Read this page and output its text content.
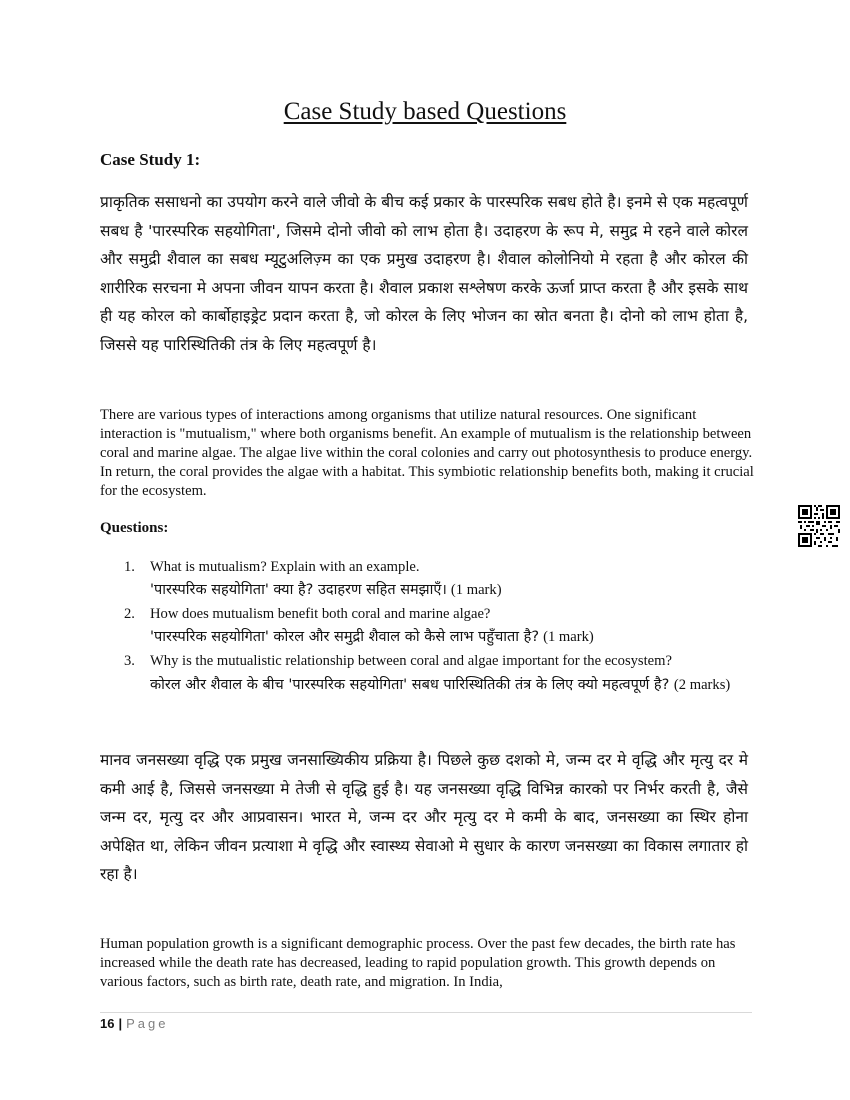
Case Study based Questions
Case Study 1:

प्राकृतिक ससाधनो का उपयोग करने वाले जीवो के बीच कई प्रकार के पारस्परिक सबध होते है। इनमे से एक महत्वपूर्ण सबध है 'पारस्परिक सहयोगिता', जिसमे दोनो जीवो को लाभ होता है। उदाहरण के रूप मे, समुद्र मे रहने वाले कोरल और समुद्री शैवाल का सबध म्यूटुअलिज़्म का एक प्रमुख उदाहरण है। शैवाल कोलोनियो मे रहता है और कोरल की शारीरिक सरचना मे अपना जीवन यापन करता है। शैवाल प्रकाश सश्लेषण करके ऊर्जा प्राप्त करता है और इसके साथ ही यह कोरल को कार्बोहाइड्रेट प्रदान करता है, जो कोरल के लिए भोजन का स्रोत बनता है। दोनो को लाभ होता है, जिससे यह पारिस्थितिकी तंत्र के लिए महत्वपूर्ण है।

There are various types of interactions among organisms that utilize natural resources. One significant interaction is "mutualism," where both organisms benefit. An example of mutualism is the relationship between coral and marine algae. The algae live within the coral colonies and carry out photosynthesis to produce energy. In return, the coral provides the algae with a habitat. This symbiotic relationship benefits both, making it crucial for the ecosystem.

Questions:
1. What is mutualism? Explain with an example.
'पारस्परिक सहयोगिता' क्या है? उदाहरण सहित समझाएँ। (1 mark)
2. How does mutualism benefit both coral and marine algae?
'पारस्परिक सहयोगिता' कोरल और समुद्री शैवाल को कैसे लाभ पहुँचाता है? (1 mark)
3. Why is the mutualistic relationship between coral and algae important for the ecosystem?
कोरल और शैवाल के बीच 'पारस्परिक सहयोगिता' सबध पारिस्थितिकी तंत्र के लिए क्यो महत्वपूर्ण है? (2 marks)

मानव जनसख्या वृद्धि एक प्रमुख जनसाख्यिकीय प्रक्रिया है। पिछले कुछ दशको मे, जन्म दर मे वृद्धि और मृत्यु दर मे कमी आई है, जिससे जनसख्या मे तेजी से वृद्धि हुई है। यह जनसख्या वृद्धि विभिन्न कारको पर निर्भर करती है, जैसे जन्म दर, मृत्यु दर और आप्रवासन। भारत मे, जन्म दर और मृत्यु दर मे कमी के बाद, जनसख्या का स्थिर होना अपेक्षित था, लेकिन जीवन प्रत्याशा मे वृद्धि और स्वास्थ्य सेवाओ मे सुधार के कारण जनसख्या का विकास लगातार हो रहा है।

Human population growth is a significant demographic process. Over the past few decades, the birth rate has increased while the death rate has decreased, leading to rapid population growth. This growth depends on various factors, such as birth rate, death rate, and migration. In India,

16 | Page
